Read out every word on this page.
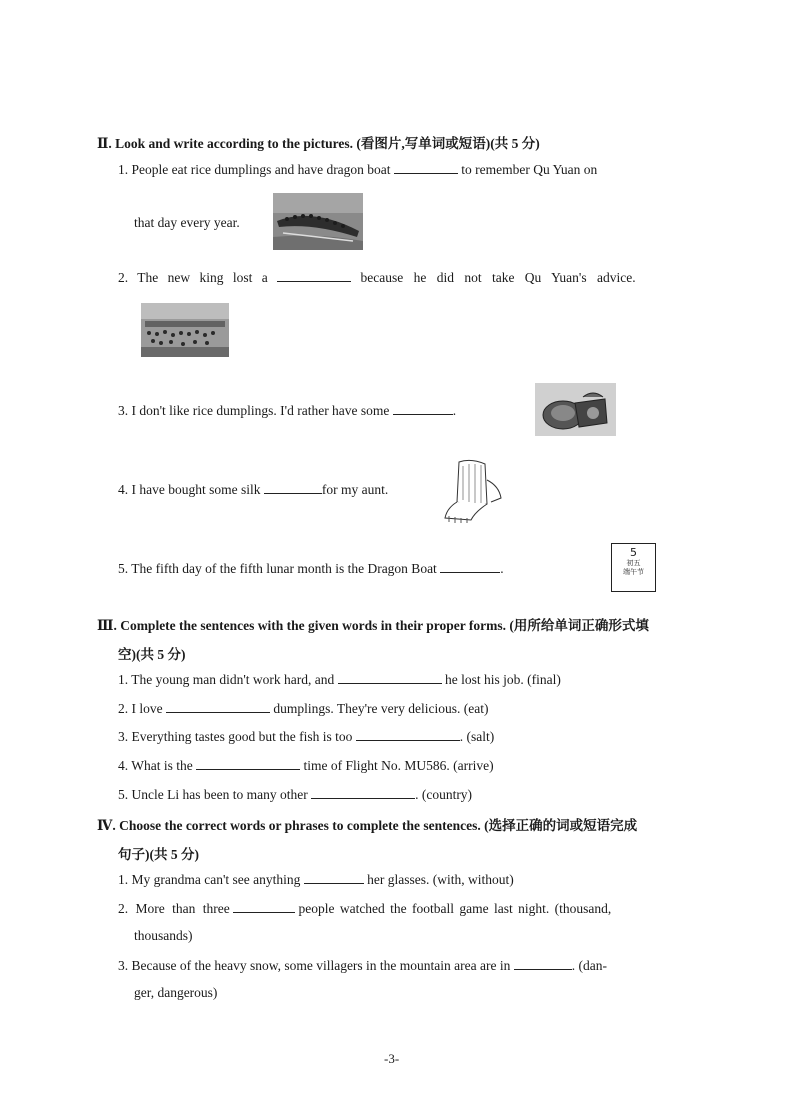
Ⅱ. Look and write according to the pictures. (看图片,写单词或短语)(共 5 分)
1. People eat rice dumplings and have dragon boat	to remember Qu Yuan on
that day every year.
2. The new king lost a	because he did not take Qu Yuan's advice.
3. I don't like rice dumplings. I'd rather have some	.
4. I have bought some silk	for my aunt.
5. The fifth day of the fifth lunar month is the Dragon Boat	.
5
初五
端午节
Ⅲ. Complete the sentences with the given words in their proper forms. (用所给单词正确形式填
空)(共 5 分)
1. The young man didn't work hard, and	he lost his job. (final)
2. I love	dumplings. They're very delicious. (eat)
3. Everything tastes good but the fish is too	. (salt)
4. What is the	time of Flight No. MU586. (arrive)
5. Uncle Li has been to many other	. (country)
Ⅳ. Choose the correct words or phrases to complete the sentences. (选择正确的词或短语完成
句子)(共 5 分)
1. My grandma can't see anything	her glasses. (with, without)
2. More than three	people watched the football game last night. (thousand,
thousands)
3. Because of the heavy snow, some villagers in the mountain area are in	. (dan-
ger, dangerous)
-3-
